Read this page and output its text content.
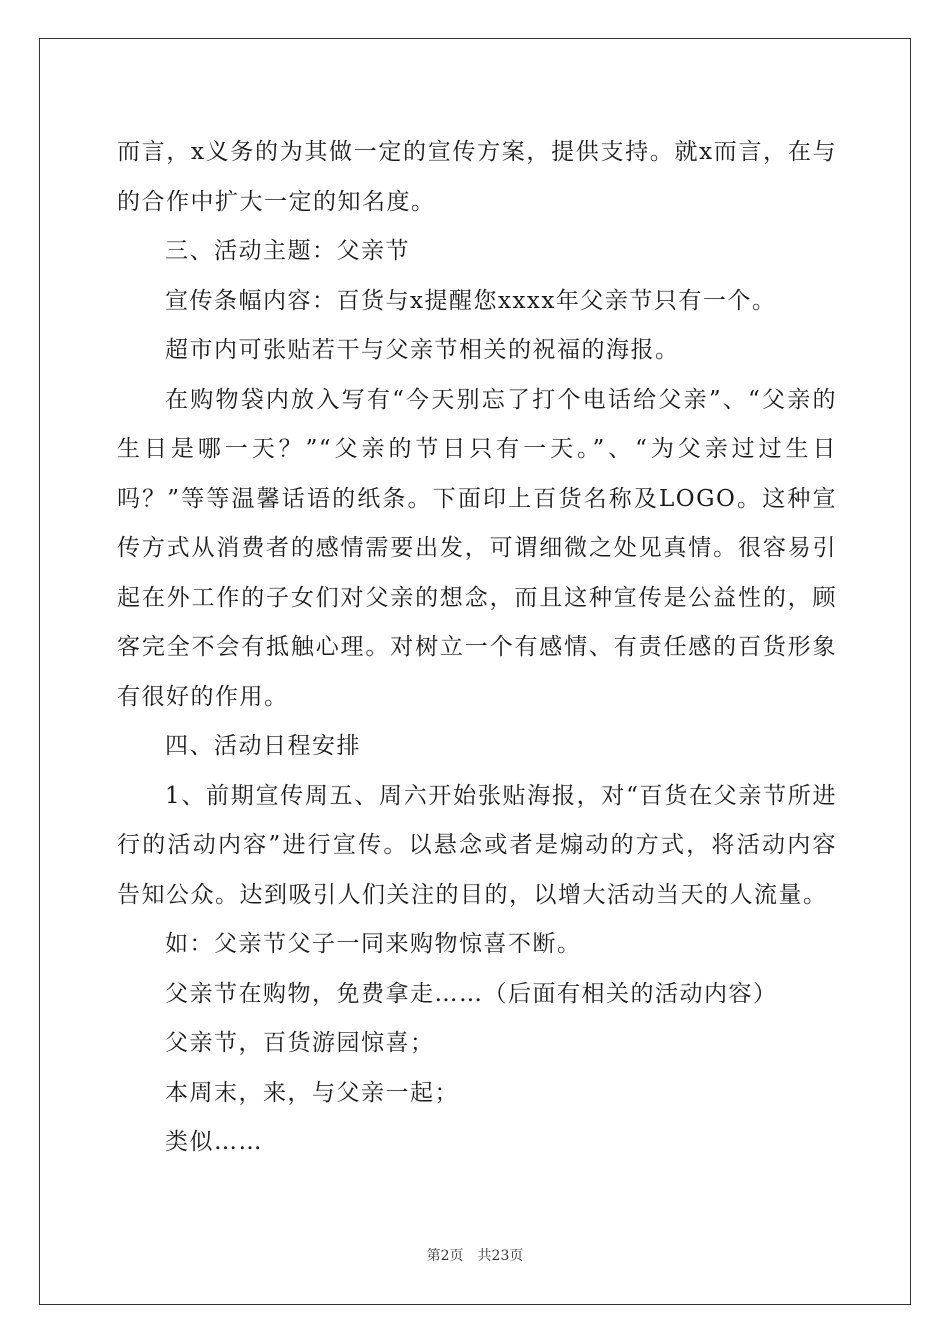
而言，x义务的为其做一定的宣传方案，提供支持。就x而言，在与的合作中扩大一定的知名度。

三、活动主题：父亲节

宣传条幅内容：百货与x提醒您xxxx年父亲节只有一个。

超市内可张贴若干与父亲节相关的祝福的海报。

在购物袋内放入写有“今天别忘了打个电话给父亲”、“父亲的生日是哪一天？”“父亲的节日只有一天。”、“为父亲过过生日吗？”等等温馨话语的纸条。下面印上百货名称及LOGO。这种宣传方式从消费者的感情需要出发，可谓细微之处见真情。很容易引起在外工作的子女们对父亲的想念，而且这种宣传是公益性的，顾客完全不会有抵触心理。对树立一个有感情、有责任感的百货形象有很好的作用。

四、活动日程安排

1、前期宣传周五、周六开始张贴海报，对“百货在父亲节所进行的活动内容”进行宣传。以悬念或者是煽动的方式，将活动内容告知公众。达到吸引人们关注的目的，以增大活动当天的人流量。

如：父亲节父子一同来购物惊喜不断。

父亲节在购物，免费拿走……（后面有相关的活动内容）

父亲节，百货游园惊喜；

本周末，来，与父亲一起；

类似……

第2页　共23页
